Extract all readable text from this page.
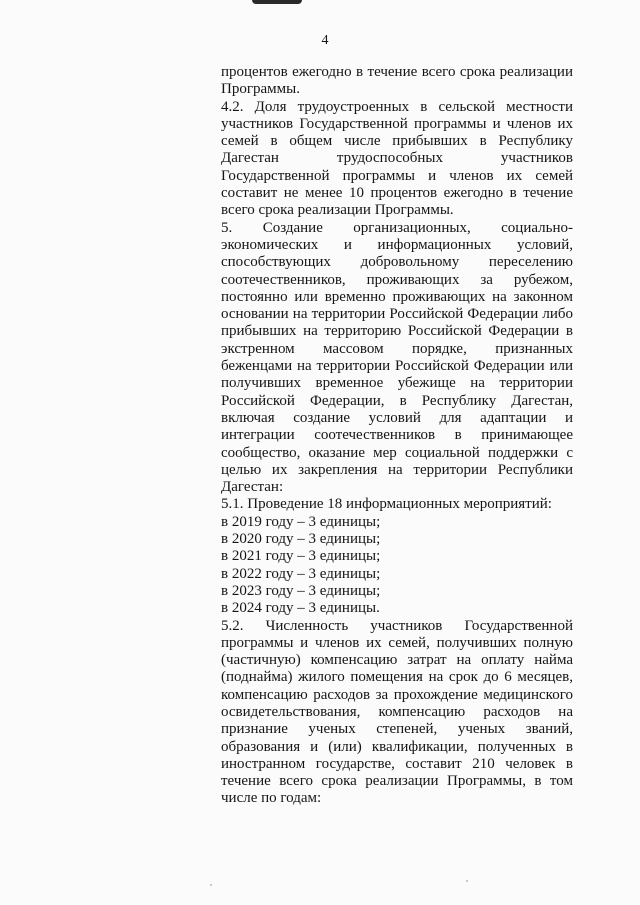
4

процентов ежегодно в течение всего срока реализации Программы.

4.2. Доля трудоустроенных в сельской местности участников Государственной программы и членов их семей в общем числе прибывших в Республику Дагестан трудоспособных участников Государственной программы и членов их семей составит не менее 10 процентов ежегодно в течение всего срока реализации Программы.

5. Создание организационных, социально-экономических и информационных условий, способствующих добровольному переселению соотечественников, проживающих за рубежом, постоянно или временно проживающих на законном основании на территории Российской Федерации либо прибывших на территорию Российской Федерации в экстренном массовом порядке, признанных беженцами на территории Российской Федерации или получивших временное убежище на территории Российской Федерации, в Республику Дагестан, включая создание условий для адаптации и интеграции соотечественников в принимающее сообщество, оказание мер социальной поддержки с целью их закрепления на территории Республики Дагестан:

5.1. Проведение 18 информационных мероприятий:

в 2019 году – 3 единицы;

в 2020 году – 3 единицы;

в 2021 году – 3 единицы;

в 2022 году – 3 единицы;

в 2023 году – 3 единицы;

в 2024 году – 3 единицы.

5.2. Численность участников Государственной программы и членов их семей, получивших полную (частичную) компенсацию затрат на оплату найма (поднайма) жилого помещения на срок до 6 месяцев, компенсацию расходов за прохождение медицинского освидетельствования, компенсацию расходов на признание ученых степеней, ученых званий, образования и (или) квалификации, полученных в иностранном государстве, составит 210 человек в течение всего срока реализации Программы, в том числе по годам:
